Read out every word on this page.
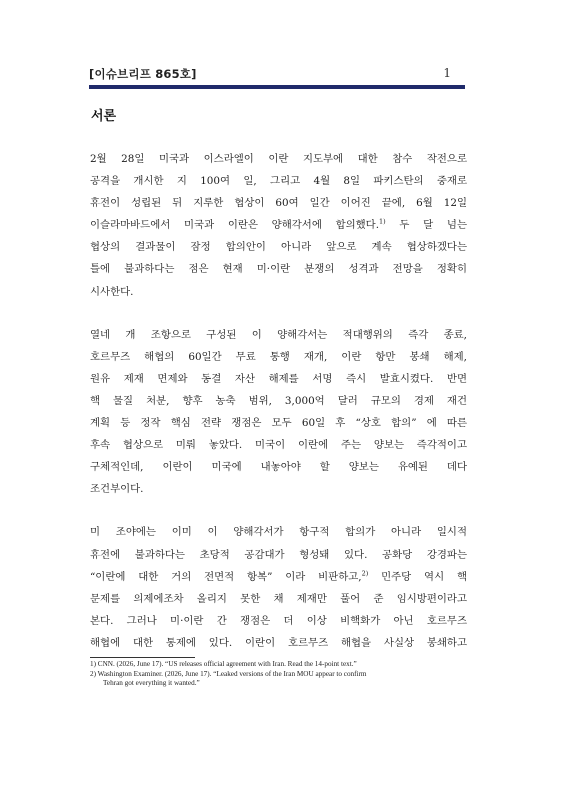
[이슈브리프 865호]	1
서론
2월 28일 미국과 이스라엘이 이란 지도부에 대한 참수 작전으로
공격을 개시한 지 100여 일, 그리고 4월 8일 파키스탄의 중재로
휴전이 성립된 뒤 지루한 협상이 60여 일간 이어진 끝에, 6월 12일
이슬라마바드에서 미국과 이란은 양해각서에 합의했다.$^{1)}$ 두 달 넘는
협상의 결과물이 잠정 합의안이 아니라 앞으로 계속 협상하겠다는
틀에 불과하다는 점은 현재 미·이란 분쟁의 성격과 전망을 정확히
시사한다.
열네 개 조항으로 구성된 이 양해각서는 적대행위의 즉각 종료,
호르무즈 해협의 60일간 무료 통행 재개, 이란 항만 봉쇄 해제,
원유 제재 면제와 동결 자산 해제를 서명 즉시 발효시켰다. 반면
핵 물질 처분, 향후 농축 범위, 3,000억 달러 규모의 경제 재건
계획 등 정작 핵심 전략 쟁점은 모두 60일 후 “상호 합의” 에 따른
후속 협상으로 미뤄 놓았다. 미국이 이란에 주는 양보는 즉각적이고
구체적인데, 이란이 미국에 내놓아야 할 양보는 유예된 데다
조건부이다.
미 조야에는 이미 이 양해각서가 항구적 합의가 아니라 일시적
휴전에 불과하다는 초당적 공감대가 형성돼 있다. 공화당 강경파는
“이란에 대한 거의 전면적 항복” 이라 비판하고,$^{2)}$ 민주당 역시 핵
문제를 의제에조차 올리지 못한 채 제재만 풀어 준 임시방편이라고
본다. 그러나 미·이란 간 쟁점은 더 이상 비핵화가 아닌 호르무즈
해협에 대한 통제에 있다. 이란이 호르무즈 해협을 사실상 봉쇄하고
1) CNN. (2026, June 17). “US releases official agreement with Iran. Read the 14-point text.”
2) Washington Examiner. (2026, June 17). “Leaked versions of the Iran MOU appear to confirm
Tehran got everything it wanted.”
